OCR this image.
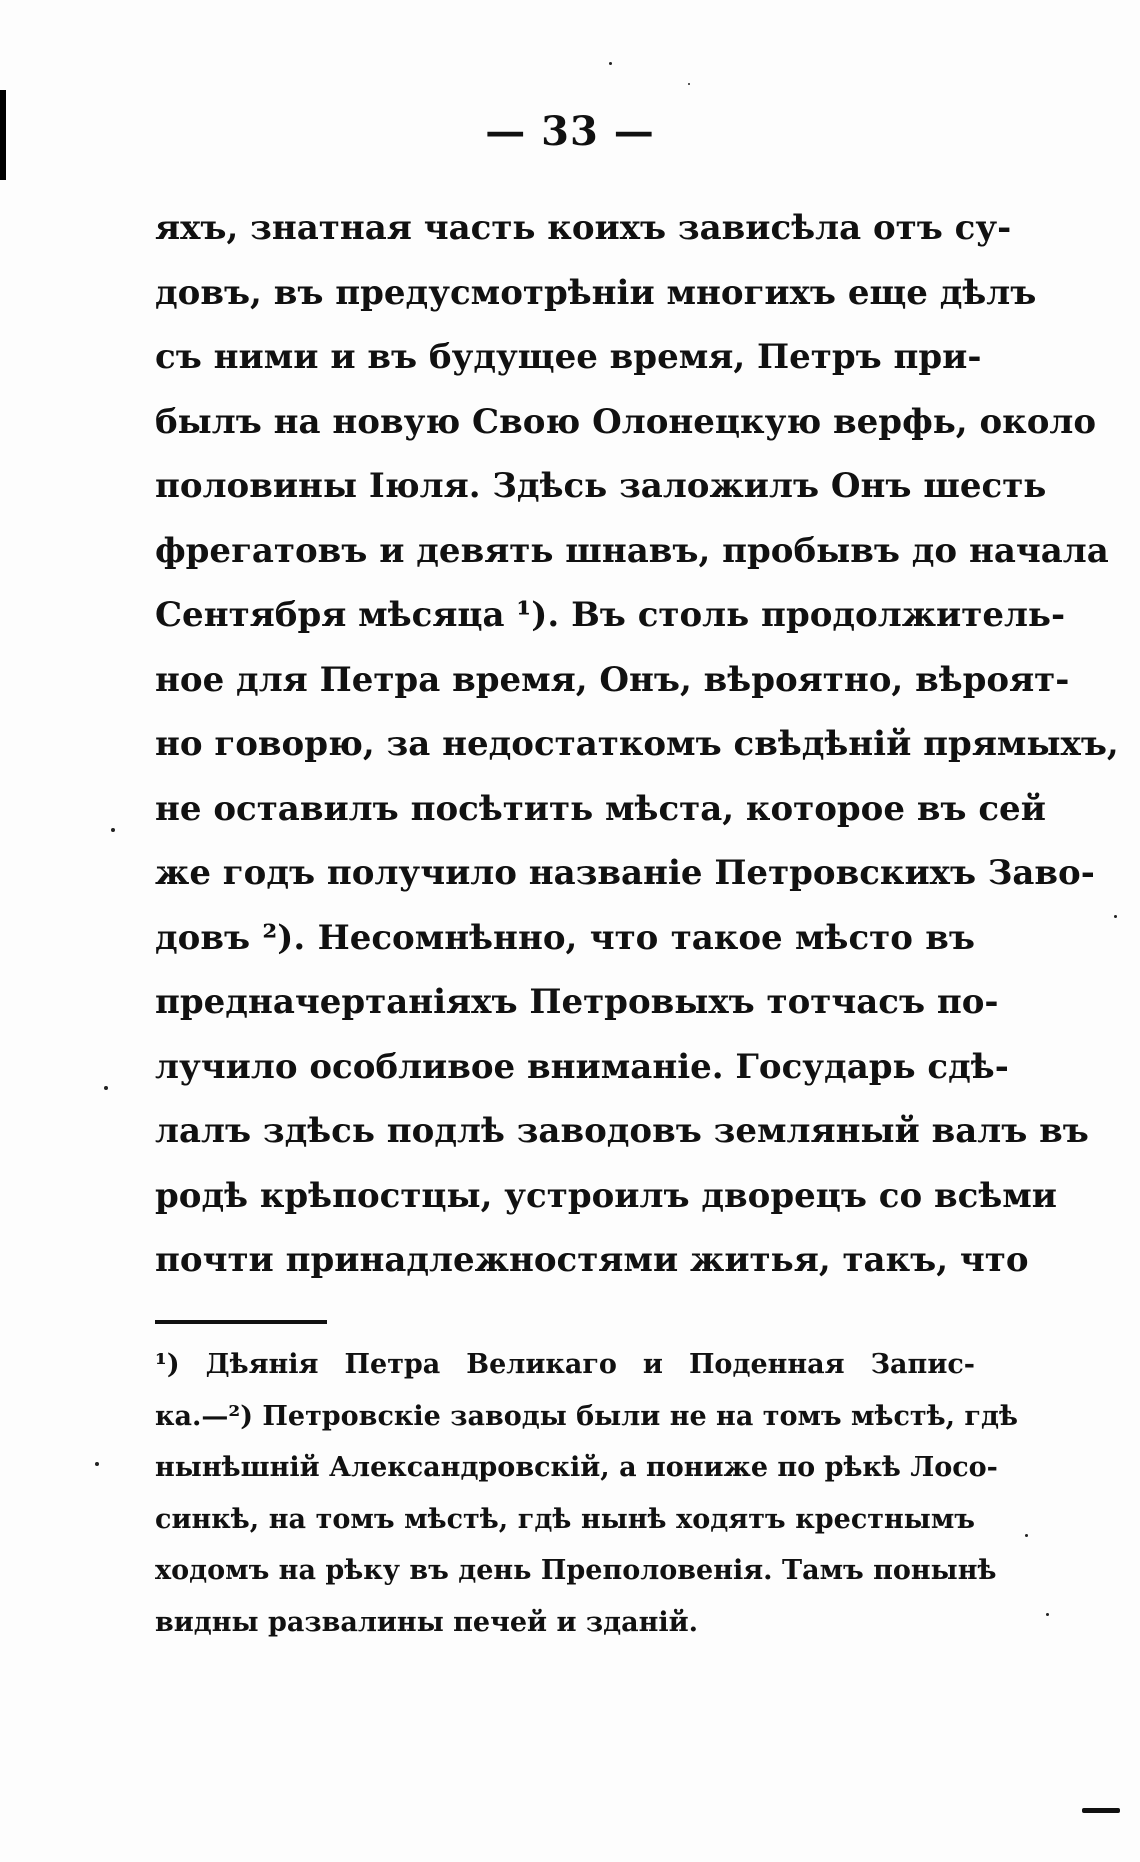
— 33 —
яхъ, знатная часть коихъ зависѣла отъ су-
довъ, въ предусмотрѣніи многихъ еще дѣлъ
съ ними и въ будущее время, Петръ при-
былъ на новую Свою Олонецкую верфь, около
половины Іюля. Здѣсь заложилъ Онъ шесть
фрегатовъ и девять шнавъ, пробывъ до начала
Сентября мѣсяца ¹). Въ столь продолжитель-
ное для Петра время, Онъ, вѣроятно, вѣроят-
но говорю, за недостаткомъ свѣдѣній прямыхъ,
не оставилъ посѣтить мѣста, которое въ сей
же годъ получило названіе Петровскихъ Заво-
довъ ²). Несомнѣнно, что такое мѣсто въ
предначертаніяхъ Петровыхъ тотчасъ по-
лучило особливое вниманіе. Государь сдѣ-
лалъ здѣсь подлѣ заводовъ земляный валъ въ
родѣ крѣпостцы, устроилъ дворецъ со всѣми
почти принадлежностями житья, такъ, что
¹) Дѣянія Петра Великаго и Поденная Запис-
ка.—²) Петровскіе заводы были не на томъ мѣстѣ, гдѣ
нынѣшній Александровскій, а пониже по рѣкѣ Лосо-
синкѣ, на томъ мѣстѣ, гдѣ нынѣ ходятъ крестнымъ
ходомъ на рѣку въ день Преполовенія. Тамъ понынѣ
видны развалины печей и зданій.
